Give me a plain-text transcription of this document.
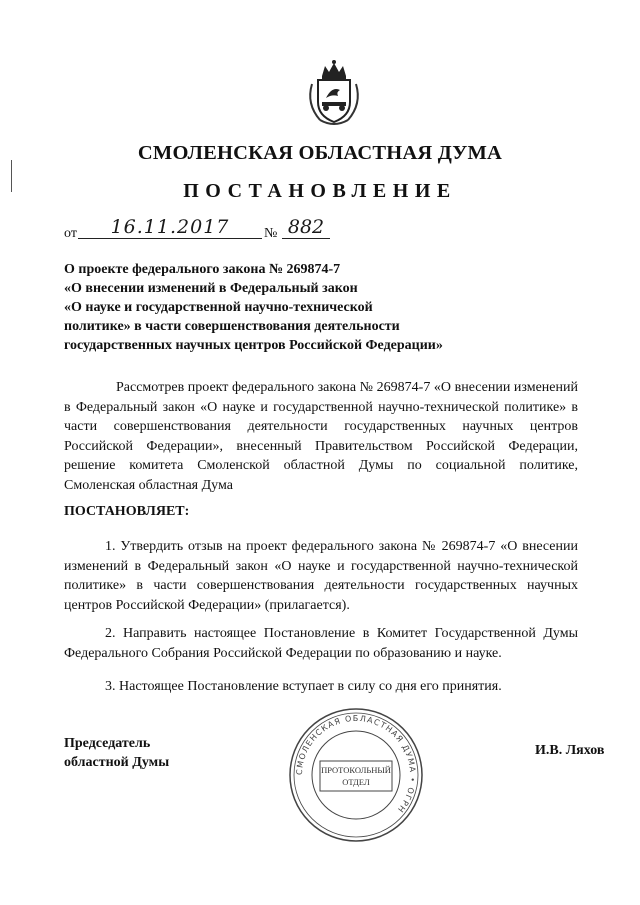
СМОЛЕНСКАЯ ОБЛАСТНАЯ ДУМА
ПОСТАНОВЛЕНИЕ
от	16.11.2017	№ 882
О проекте федерального закона № 269874-7
«О внесении изменений в Федеральный закон
«О науке и государственной научно-технической
политике» в части совершенствования деятельности
государственных научных центров Российской Федерации»
Рассмотрев проект федерального закона № 269874-7 «О внесении изменений в Федеральный закон «О науке и государственной научно-технической политике» в части совершенствования деятельности государственных научных центров Российской Федерации», внесенный Правительством Российской Федерации, решение комитета Смоленской областной Думы по социальной политике, Смоленская областная Дума
ПОСТАНОВЛЯЕТ:
1. Утвердить отзыв на проект федерального закона № 269874-7 «О внесении изменений в Федеральный закон «О науке и государственной научно-технической политике» в части совершенствования деятельности государственных научных центров Российской Федерации» (прилагается).
2. Направить настоящее Постановление в Комитет Государственной Думы Федерального Собрания Российской Федерации по образованию и науке.
3. Настоящее Постановление вступает в силу со дня его принятия.
Председатель
областной Думы
СМОЛЕНСКАЯ ОБЛАСТНАЯ ДУМА • ОГРН
ПРОТОКОЛЬНЫЙ
ОТДЕЛ
И.В. Ляхов
